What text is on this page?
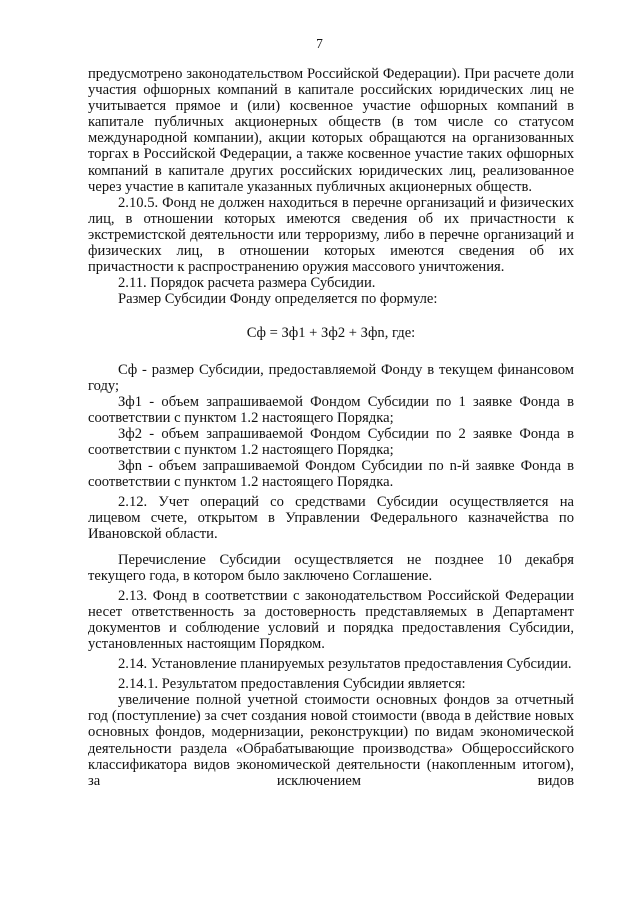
7

предусмотрено законодательством Российской Федерации). При расчете доли участия офшорных компаний в капитале российских юридических лиц не учитывается прямое и (или) косвенное участие офшорных компаний в капитале публичных акционерных обществ (в том числе со статусом международной компании), акции которых обращаются на организованных торгах в Российской Федерации, а также косвенное участие таких офшорных компаний в капитале других российских юридических лиц, реализованное через участие в капитале указанных публичных акционерных обществ.

2.10.5. Фонд не должен находиться в перечне организаций и физических лиц, в отношении которых имеются сведения об их причастности к экстремистской деятельности или терроризму, либо в перечне организаций и физических лиц, в отношении которых имеются сведения об их причастности к распространению оружия массового уничтожения.

2.11. Порядок расчета размера Субсидии.

Размер Субсидии Фонду определяется по формуле:

Сф = Зф1 + Зф2 + Зфn, где:

Сф - размер Субсидии, предоставляемой Фонду в текущем финансовом году;

Зф1 - объем запрашиваемой Фондом Субсидии по 1 заявке Фонда в соответствии с пунктом 1.2 настоящего Порядка;

Зф2 - объем запрашиваемой Фондом Субсидии по 2 заявке Фонда в соответствии с пунктом 1.2 настоящего Порядка;

Зфn - объем запрашиваемой Фондом Субсидии по n-й заявке Фонда в соответствии с пунктом 1.2 настоящего Порядка.

2.12. Учет операций со средствами Субсидии осуществляется на лицевом счете, открытом в Управлении Федерального казначейства по Ивановской области.

Перечисление Субсидии осуществляется не позднее 10 декабря текущего года, в котором было заключено Соглашение.

2.13. Фонд в соответствии с законодательством Российской Федерации несет ответственность за достоверность представляемых в Департамент документов и соблюдение условий и порядка предоставления Субсидии, установленных настоящим Порядком.

2.14. Установление планируемых результатов предоставления Субсидии.

2.14.1. Результатом предоставления Субсидии является:

увеличение полной учетной стоимости основных фондов за отчетный год (поступление) за счет создания новой стоимости (ввода в действие новых основных фондов, модернизации, реконструкции) по видам экономической деятельности раздела «Обрабатывающие производства» Общероссийского классификатора видов экономической деятельности (накопленным итогом), за исключением видов
